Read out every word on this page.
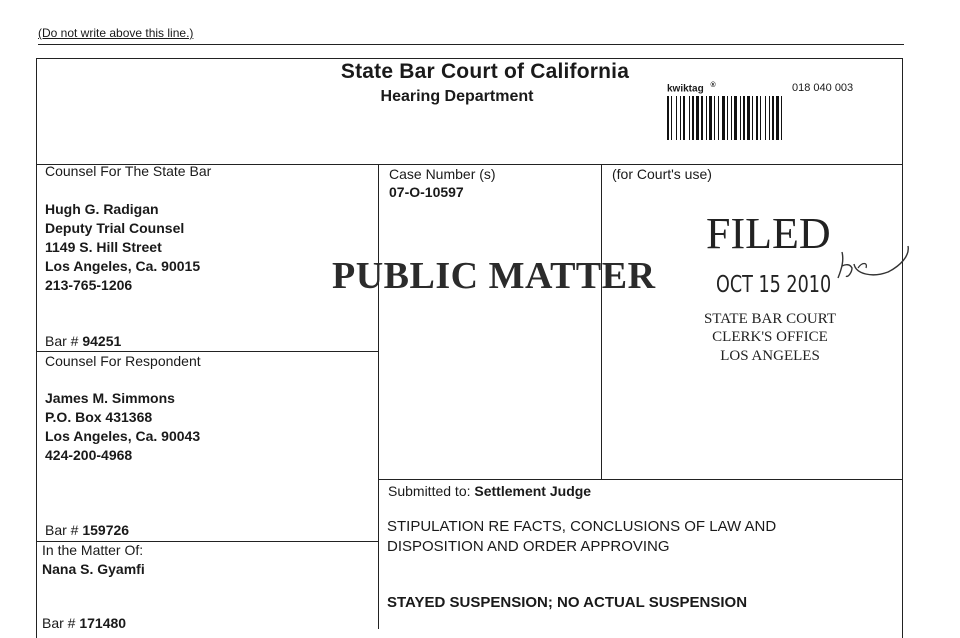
(Do not write above this line.)
State Bar Court of California
Hearing Department	kwiktag ®	018 040 003
Counsel For The State Bar
Hugh G. Radigan
Deputy Trial Counsel
1149 S. Hill Street
Los Angeles, Ca. 90015
213-765-1206
Bar # 94251
Case Number (s)
07-O-10597
(for Court's use)
FILED
OCT 15 2010
STATE BAR COURT
CLERK'S OFFICE
LOS ANGELES
PUBLIC MATTER
Counsel For Respondent
James M. Simmons
P.O. Box 431368
Los Angeles, Ca. 90043
424-200-4968
Bar # 159726
In the Matter Of:
Nana S. Gyamfi
Bar # 171480
Submitted to: Settlement Judge
STIPULATION RE FACTS, CONCLUSIONS OF LAW AND
DISPOSITION AND ORDER APPROVING
STAYED SUSPENSION; NO ACTUAL SUSPENSION
